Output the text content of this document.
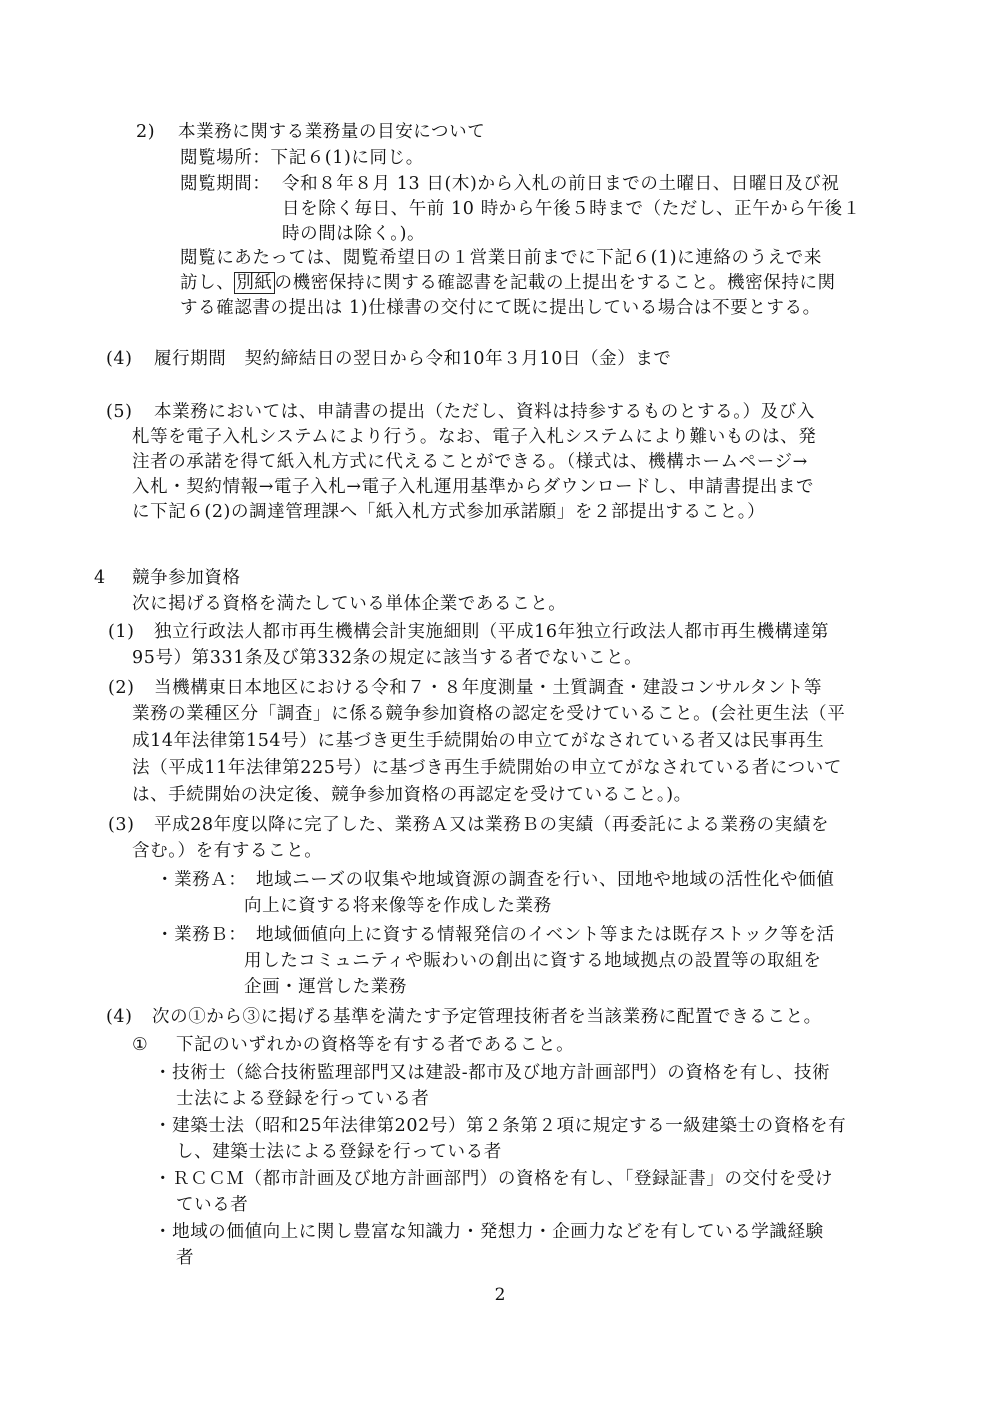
2) 本業務に関する業務量の目安について
閲覧場所：下記６(1)に同じ。
閲覧期間： 令和８年８月 13 日(木)から入札の前日までの土曜日、日曜日及び祝
日を除く毎日、午前 10 時から午後５時まで（ただし、正午から午後１
時の間は除く。)。
閲覧にあたっては、閲覧希望日の１営業日前までに下記６(1)に連絡のうえで来
訪し、 別紙 の機密保持に関する確認書を記載の上提出をすること。機密保持に関
する確認書の提出は 1)仕様書の交付にて既に提出している場合は不要とする。
(4) 履行期間　契約締結日の翌日から令和10年３月10日（金）まで
(5) 本業務においては、申請書の提出（ただし、資料は持参するものとする。）及び入
札等を電子入札システムにより行う。なお、電子入札システムにより難いものは、発
注者の承諾を得て紙入札方式に代えることができる。（様式は、機構ホームページ→
入札・契約情報→電子入札→電子入札運用基準からダウンロードし、申請書提出まで
に下記６(2)の調達管理課へ「紙入札方式参加承諾願」を２部提出すること。）
4 競争参加資格
次に掲げる資格を満たしている単体企業であること。
(1) 独立行政法人都市再生機構会計実施細則（平成16年独立行政法人都市再生機構達第
95号）第331条及び第332条の規定に該当する者でないこと。
(2) 当機構東日本地区における令和７・８年度測量・土質調査・建設コンサルタント等
業務の業種区分「調査」に係る競争参加資格の認定を受けていること。(会社更生法（平
成14年法律第154号）に基づき更生手続開始の申立てがなされている者又は民事再生
法（平成11年法律第225号）に基づき再生手続開始の申立てがなされている者について
は、手続開始の決定後、競争参加資格の再認定を受けていること。)。
(3) 平成28年度以降に完了した、業務Ａ又は業務Ｂの実績（再委託による業務の実績を
含む。）を有すること。
・業務Ａ： 地域ニーズの収集や地域資源の調査を行い、団地や地域の活性化や価値
向上に資する将来像等を作成した業務
・業務Ｂ： 地域価値向上に資する情報発信のイベント等または既存ストック等を活
用したコミュニティや賑わいの創出に資する地域拠点の設置等の取組を
企画・運営した業務
(4) 次の①から③に掲げる基準を満たす予定管理技術者を当該業務に配置できること。
① 下記のいずれかの資格等を有する者であること。
・技術士（総合技術監理部門又は建設-都市及び地方計画部門）の資格を有し、技術
士法による登録を行っている者
・建築士法（昭和25年法律第202号）第２条第２項に規定する一級建築士の資格を有
し、建築士法による登録を行っている者
・ＲＣＣＭ（都市計画及び地方計画部門）の資格を有し、「登録証書」の交付を受け
ている者
・地域の価値向上に関し豊富な知識力・発想力・企画力などを有している学識経験
者
2
